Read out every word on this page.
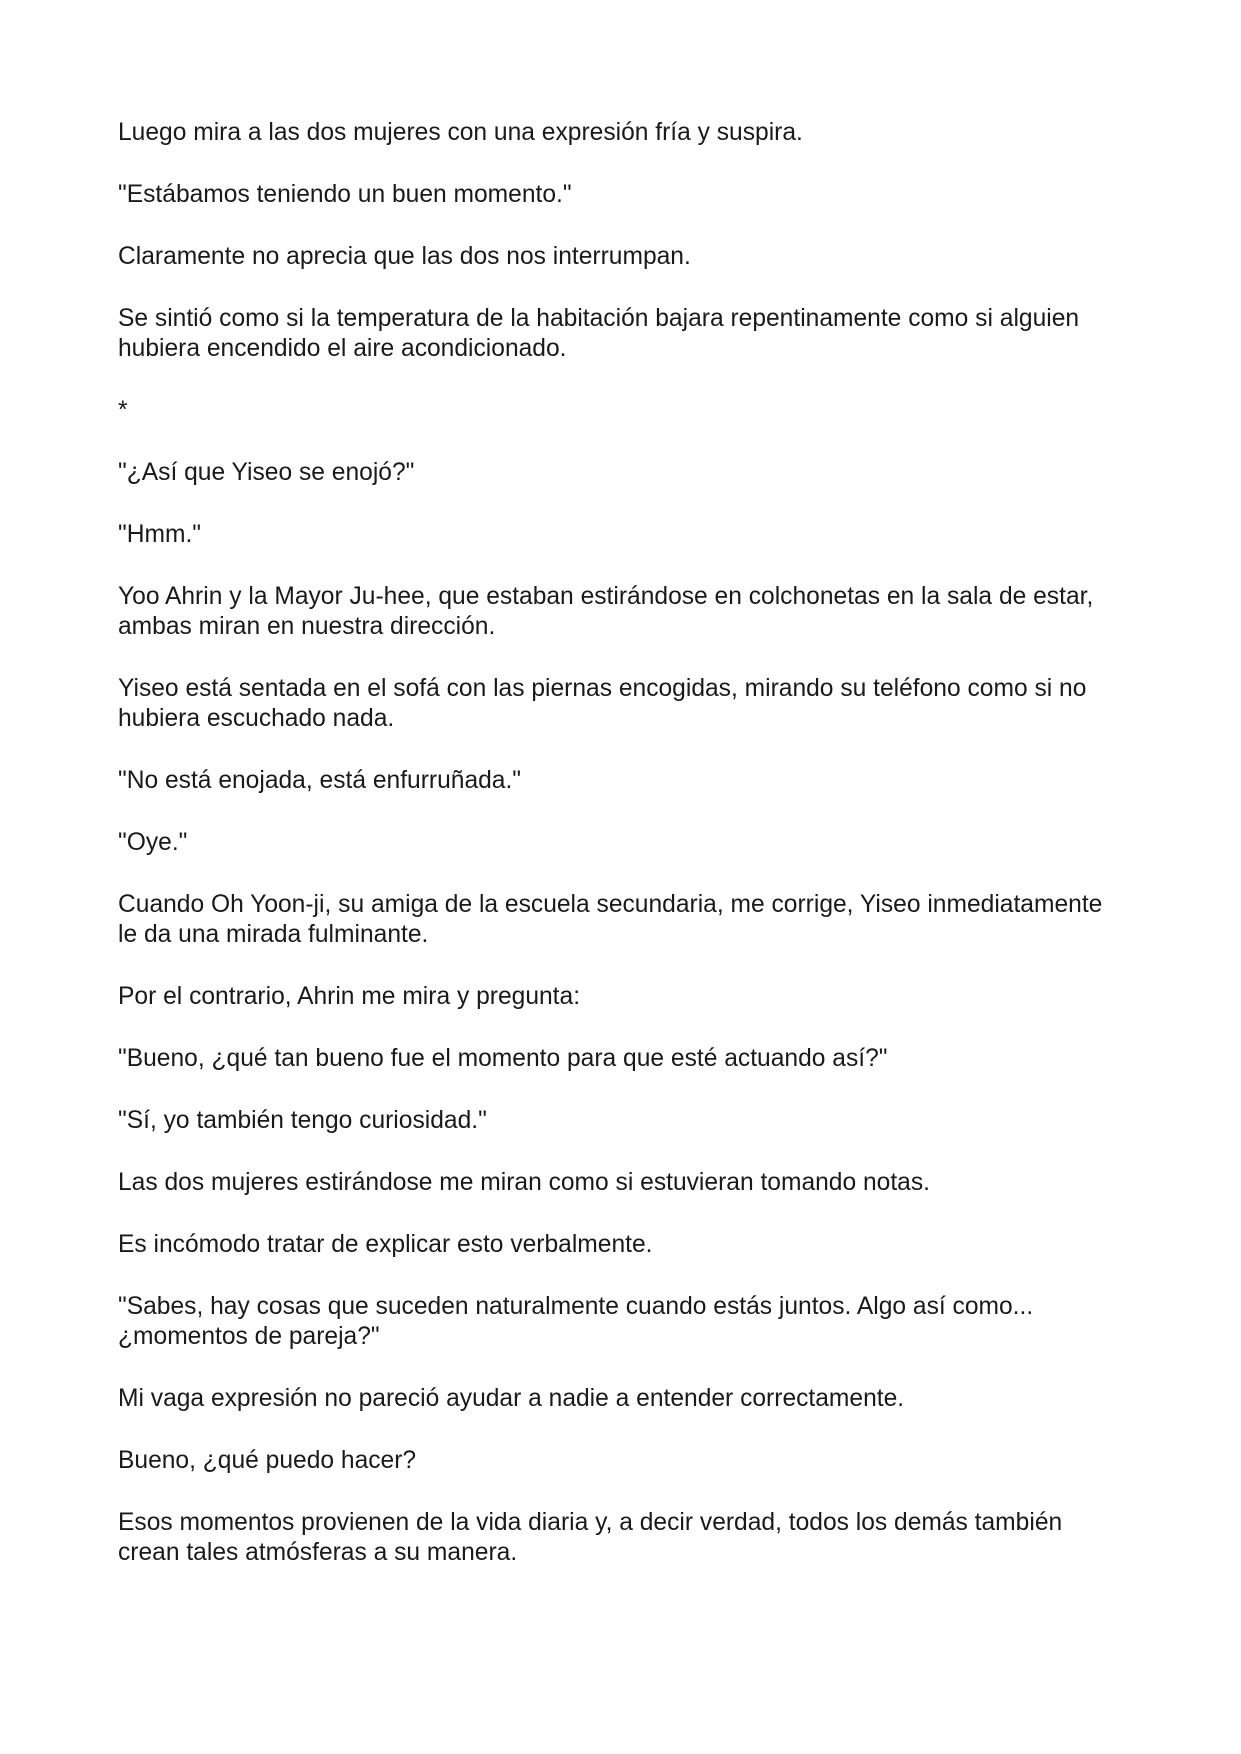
Luego mira a las dos mujeres con una expresión fría y suspira.

"Estábamos teniendo un buen momento."

Claramente no aprecia que las dos nos interrumpan.

Se sintió como si la temperatura de la habitación bajara repentinamente como si alguien hubiera encendido el aire acondicionado.

*

"¿Así que Yiseo se enojó?"

"Hmm."

Yoo Ahrin y la Mayor Ju-hee, que estaban estirándose en colchonetas en la sala de estar, ambas miran en nuestra dirección.

Yiseo está sentada en el sofá con las piernas encogidas, mirando su teléfono como si no hubiera escuchado nada.

"No está enojada, está enfurruñada."

"Oye."

Cuando Oh Yoon-ji, su amiga de la escuela secundaria, me corrige, Yiseo inmediatamente le da una mirada fulminante.

Por el contrario, Ahrin me mira y pregunta:

"Bueno, ¿qué tan bueno fue el momento para que esté actuando así?"

"Sí, yo también tengo curiosidad."

Las dos mujeres estirándose me miran como si estuvieran tomando notas.

Es incómodo tratar de explicar esto verbalmente.

"Sabes, hay cosas que suceden naturalmente cuando estás juntos. Algo así como... ¿momentos de pareja?"

Mi vaga expresión no pareció ayudar a nadie a entender correctamente.

Bueno, ¿qué puedo hacer?

Esos momentos provienen de la vida diaria y, a decir verdad, todos los demás también crean tales atmósferas a su manera.
